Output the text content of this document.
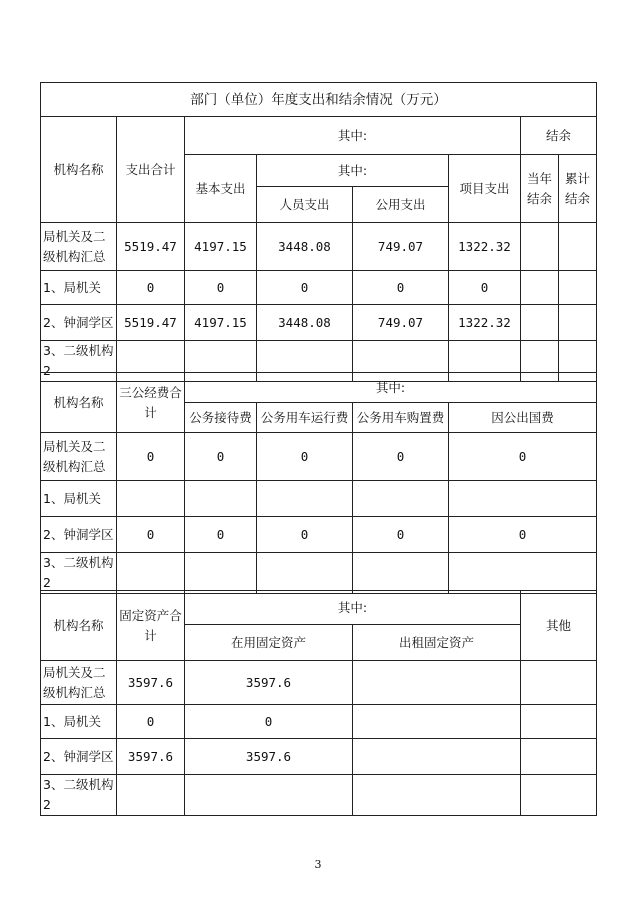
部门（单位）年度支出和结余情况（万元）							
机构名称	支出合计	其中:				结余	
		基本支出	其中:		项目支出	当年结余	累计结余
			人员支出	公用支出			
局机关及二级机构汇总	5519.47	4197.15	3448.08	749.07	1322.32		
1、局机关	0	0	0	0	0		
2、钟洞学区	5519.47	4197.15	3448.08	749.07	1322.32		
3、二级机构 2							
机构名称	三公经费合计	其中:			
		公务接待费	公务用车运行费	公务用车购置费	因公出国费
局机关及二级机构汇总	0	0	0	0	0
1、局机关					
2、钟洞学区	0	0	0	0	0
3、二级机构 2					
机构名称	固定资产合计	其中:		其他
		在用固定资产	出租固定资产	
局机关及二级机构汇总	3597.6	3597.6		
1、局机关	0	0		
2、钟洞学区	3597.6	3597.6		
3、二级机构 2				
3
